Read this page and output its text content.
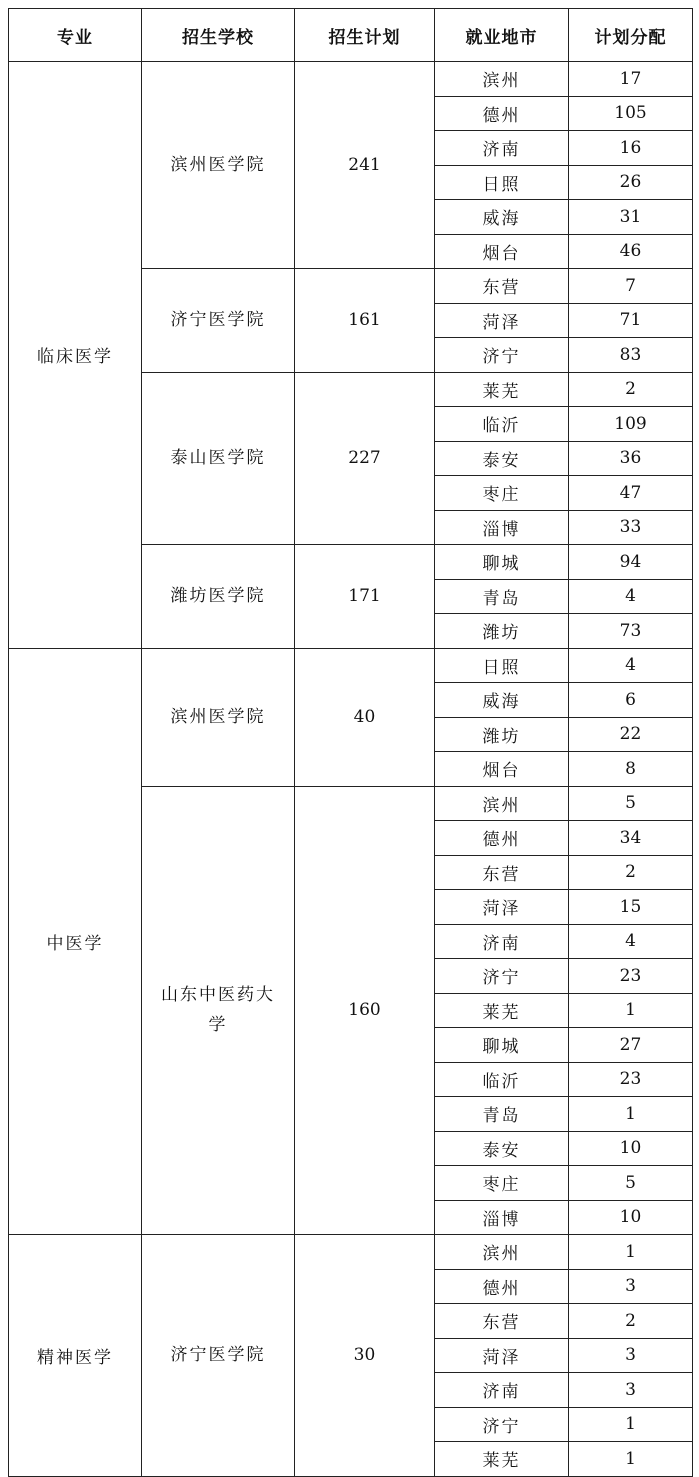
专业	招生学校	招生计划	就业地市	计划分配
临床医学	滨州医学院	241	滨州	17
			德州	105
			济南	16
			日照	26
			威海	31
			烟台	46
	济宁医学院	161	东营	7
			菏泽	71
			济宁	83
	泰山医学院	227	莱芜	2
			临沂	109
			泰安	36
			枣庄	47
			淄博	33
	潍坊医学院	171	聊城	94
			青岛	4
			潍坊	73
中医学	滨州医学院	40	日照	4
			威海	6
			潍坊	22
			烟台	8
	山东中医药大学	160	滨州	5
			德州	34
			东营	2
			菏泽	15
			济南	4
			济宁	23
			莱芜	1
			聊城	27
			临沂	23
			青岛	1
			泰安	10
			枣庄	5
			淄博	10
精神医学	济宁医学院	30	滨州	1
			德州	3
			东营	2
			菏泽	3
			济南	3
			济宁	1
			莱芜	1
